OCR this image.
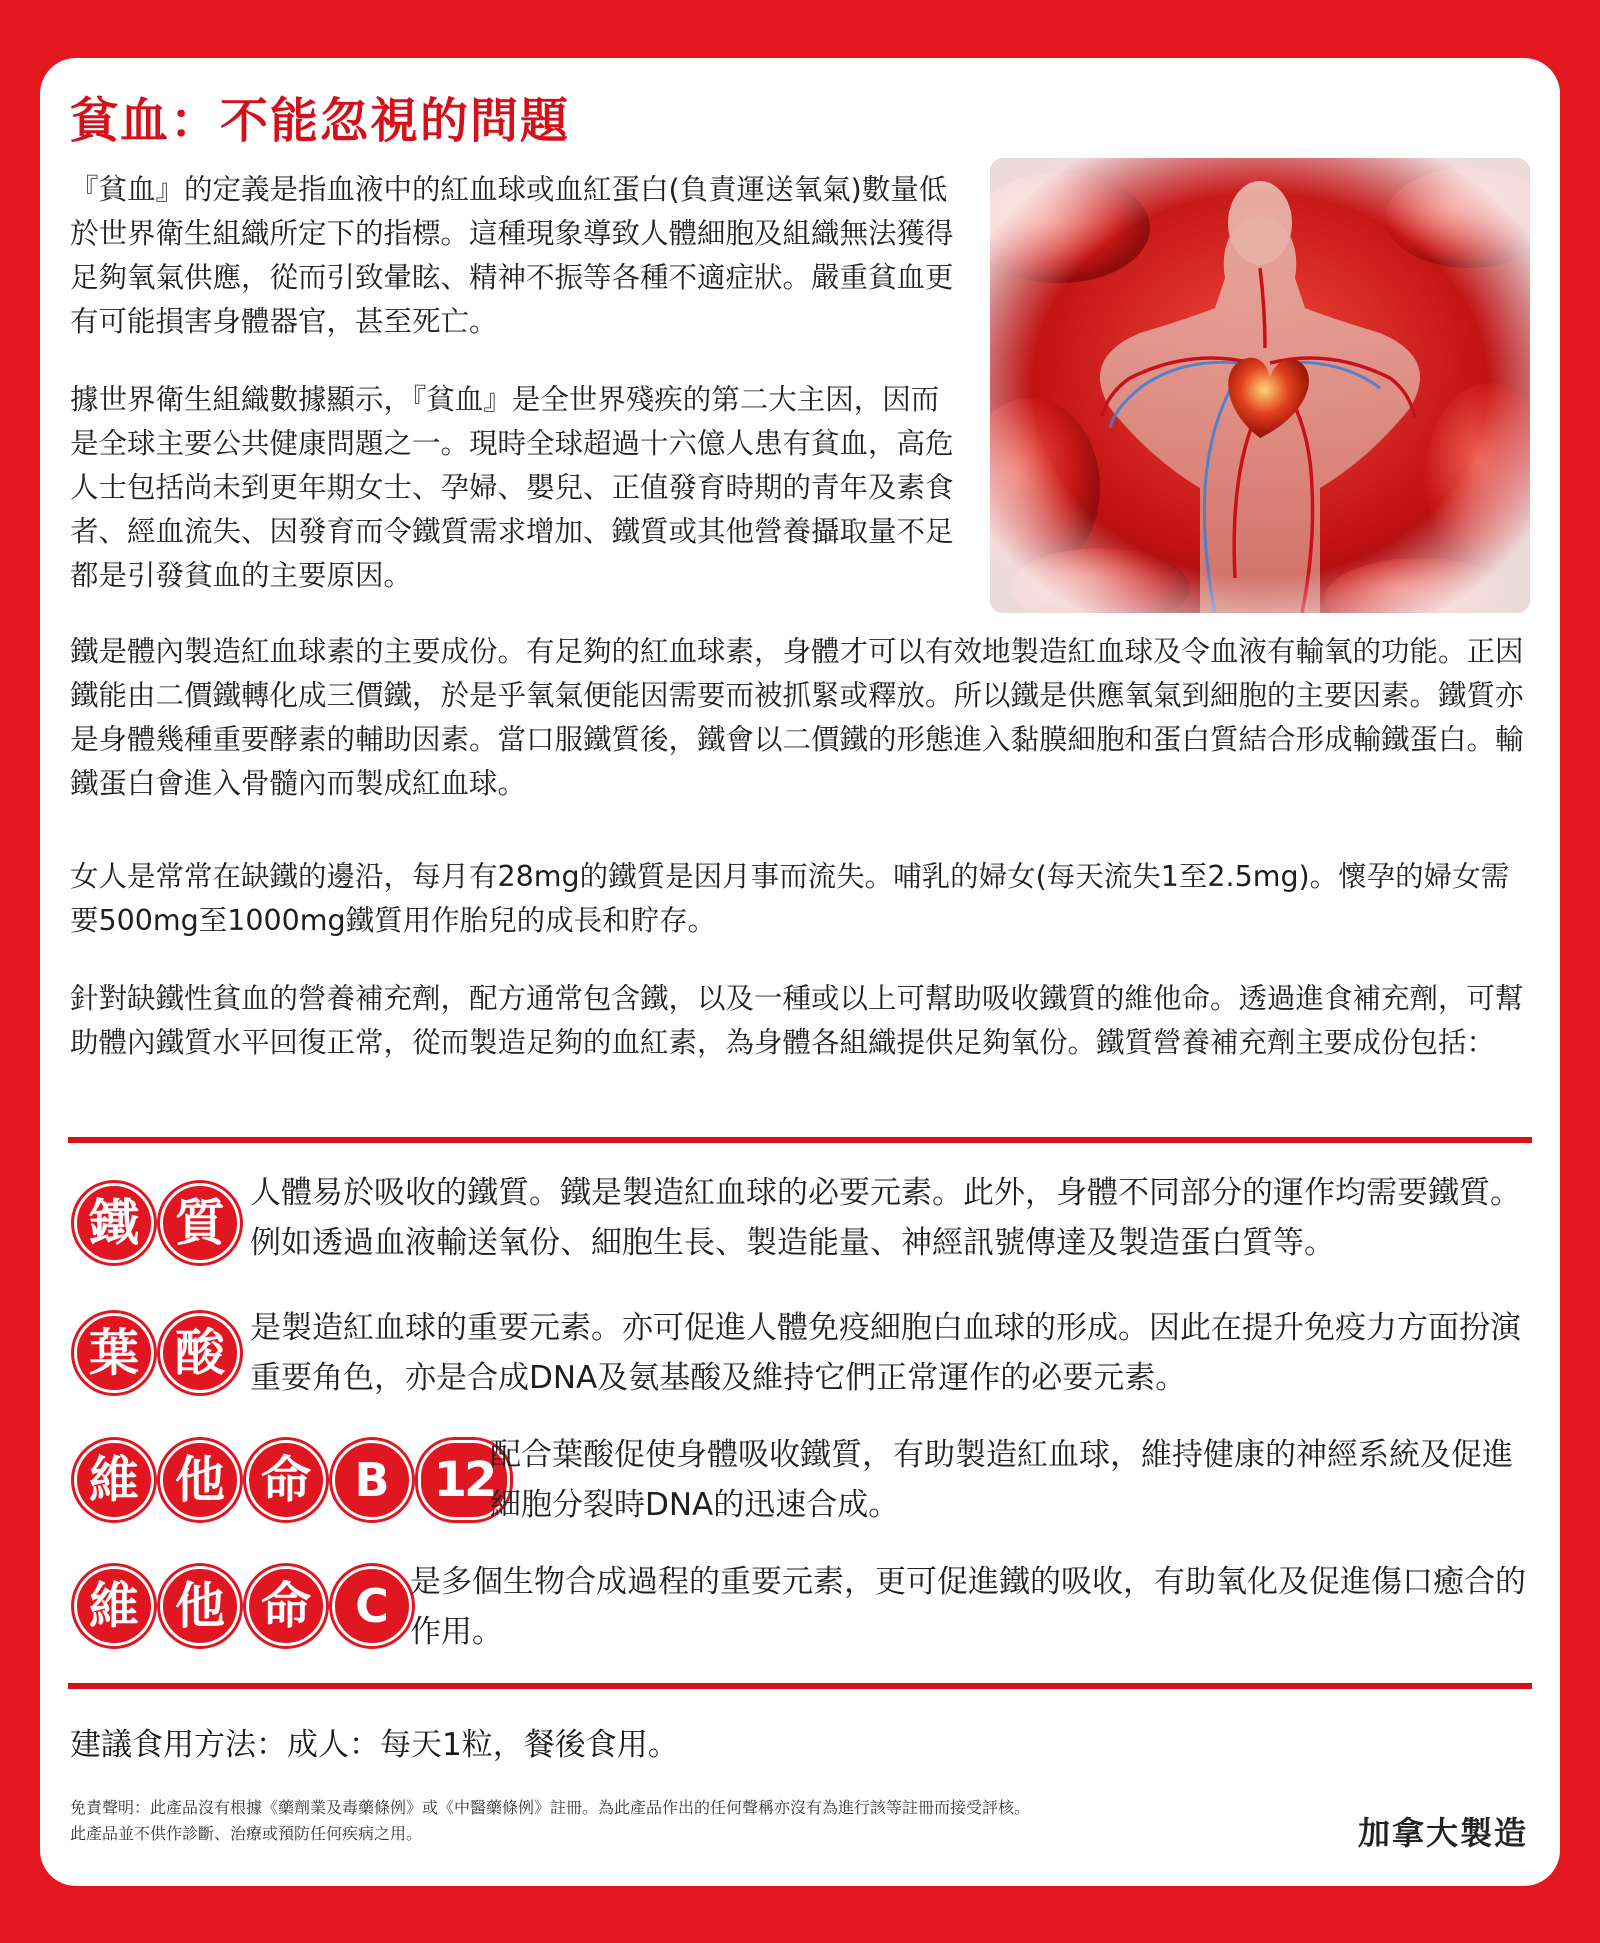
貧血：不能忽視的問題

『貧血』的定義是指血液中的紅血球或血紅蛋白(負責運送氧氣)數量低於世界衛生組織所定下的指標。這種現象導致人體細胞及組織無法獲得足夠氧氣供應，從而引致暈眩、精神不振等各種不適症狀。嚴重貧血更有可能損害身體器官，甚至死亡。

據世界衛生組織數據顯示，『貧血』是全世界殘疾的第二大主因，因而是全球主要公共健康問題之一。現時全球超過十六億人患有貧血，高危人士包括尚未到更年期女士、孕婦、嬰兒、正值發育時期的青年及素食者、經血流失、因發育而令鐵質需求增加、鐵質或其他營養攝取量不足都是引發貧血的主要原因。

鐵是體內製造紅血球素的主要成份。有足夠的紅血球素，身體才可以有效地製造紅血球及令血液有輸氧的功能。正因鐵能由二價鐵轉化成三價鐵，於是乎氧氣便能因需要而被抓緊或釋放。所以鐵是供應氧氣到細胞的主要因素。鐵質亦是身體幾種重要酵素的輔助因素。當口服鐵質後，鐵會以二價鐵的形態進入黏膜細胞和蛋白質結合形成輸鐵蛋白。輸鐵蛋白會進入骨髓內而製成紅血球。

女人是常常在缺鐵的邊沿，每月有28mg的鐵質是因月事而流失。哺乳的婦女(每天流失1至2.5mg)。懷孕的婦女需要500mg至1000mg鐵質用作胎兒的成長和貯存。

針對缺鐵性貧血的營養補充劑，配方通常包含鐵，以及一種或以上可幫助吸收鐵質的維他命。透過進食補充劑，可幫助體內鐵質水平回復正常，從而製造足夠的血紅素，為身體各組織提供足夠氧份。鐵質營養補充劑主要成份包括：

鐵 質

人體易於吸收的鐵質。鐵是製造紅血球的必要元素。此外，身體不同部分的運作均需要鐵質。例如透過血液輸送氧份、細胞生長、製造能量、神經訊號傳達及製造蛋白質等。

葉 酸 是製造紅血球的重要元素。亦可促進人體免疫細胞白血球的形成。因此在提升免疫力方面扮演重要角色，亦是合成DNA及氨基酸及維持它們正常運作的必要元素。

維 他 命 B 12

配合葉酸促使身體吸收鐵質，有助製造紅血球，維持健康的神經系統及促進細胞分裂時DNA的迅速合成。

維 他 命 C 是多個生物合成過程的重要元素，更可促進鐵的吸收，有助氧化及促進傷口癒合的作用。

建議食用方法：成人：每天1粒，餐後食用。

免責聲明：此產品沒有根據《藥劑業及毒藥條例》或《中醫藥條例》註冊。為此產品作出的任何聲稱亦沒有為進行該等註冊而接受評核。
此產品並不供作診斷、治療或預防任何疾病之用。	加拿大製造
